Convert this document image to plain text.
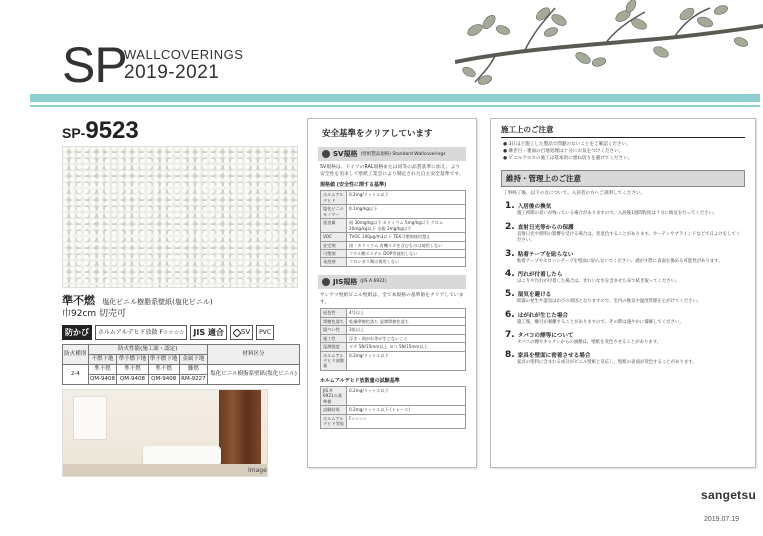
SP
WALLCOVERINGS
2019-2021
SP-9523
準不燃 塩化ビニル樹脂系壁紙(塩化ビニル)
巾92cm 切売可
防かび	ホルムアルデヒド放散 F☆☆☆☆	JIS 適合	SV	PVC
防火種別	防火性能(施工面・認定)				材料区分
	不燃下地	準不燃下地	準不燃下地	金属下地	
2-4	準不燃	準不燃	準不燃	難燃	塩化ビニル樹脂系壁紙(塩化ビニル)
	QM-9408	QM-9408	QM-9408	RM-9227	
Image
安全基準をクリアしています
SV規格 (壁紙製品規格) Standard Wallcoverings
SV規格は、ドイツのRAL規格または同等の品質基準に加え、より安全性を追求して壁紙工業会により制定された自主安全基準です。
規格値 (安全性に関する基準)
ホルムアルデヒド	0.2mg/リットル以下
塩化ビニルモノマー	0.1mg/kg以下
重金属	鉛 30mg/kg以下 カドミウム 5mg/kg以下 クロム 20mg/kg以下 水銀 2mg/kg以下
VOC	TVOC 100μg/m3以下 TEX可塑剤使用禁止
安定剤	鉛・カドミウム 有機スズを含むものは使用しない
可塑剤	フタル酸エステル DOP等使用しない
発泡剤	フロンガス類は使用しない
JIS規格 (JIS A 6921)
サンゲツ壁紙ビニル壁紙は、全て本規格の基準値をクリアしています。
退色性	4号以上
摩擦色落ち	乾燥摩擦色落ち 湿潤摩擦色落ち
隠ぺい性	3級以上
施工性	浮き・剥がれ等が生じないこと
湿潤強度	タテ 5N/15mm以上 ヨコ 5N/15mm以上
ホルムアルデヒド放散量	0.2mg/リットル以下
ホルムアルデヒド放散量の試験基準
JIS A 6921の基準値	0.2mg/リットル以下
試験結果	0.2mg/リットル以下 (トレース)
ホルムアルデヒド等級	F☆☆☆☆
施工上のご注意
● 3日ほど施工した製品で問題のないことをご確認ください。
● 継ぎ目・裏面の目地処理は十分にお気をつけください。
● ビニルクロスの施工は基本的に重ね切りを避けてください。
維持・管理上のご注意
工事終了後、以下の点について、入居者の方へご説明してください。
1. 入居後の換気
施工初期の臭いが残っている場合がありますので、入居後1週間程度は十分に換気を行ってください。
2. 直射日光等からの保護
直射日光や照明の影響を受ける場合は、変退色することがあります。カーテンやブラインドなどで日よけをしてください。
3. 粘着テープを貼らない
粘着テープやセロハンテープを壁面に貼らないでください。剥がす際に表面を傷める可能性があります。
4. 汚れが付着したら
ほこりや汚れが付着した場合は、きれいな水を含ませた布で拭き取ってください。
5. 湿気を避ける
結露の発生や湿気はかびの原因となりますので、室内の換気や温度管理を心がけてください。
6. はがれが生じた場合
施工後、継目が剥離することがありますので、その際は速やかに補修してください。
7. タバコの煙等について
タバコの煙やキッチンからの油煙は、壁紙を変色させることがあります。
8. 家具を壁面に密着させる場合
家具の塗料に含まれる成分がビニル壁紙と反応し、壁紙の表面が変色することがあります。
sangetsu
2019.07.19
